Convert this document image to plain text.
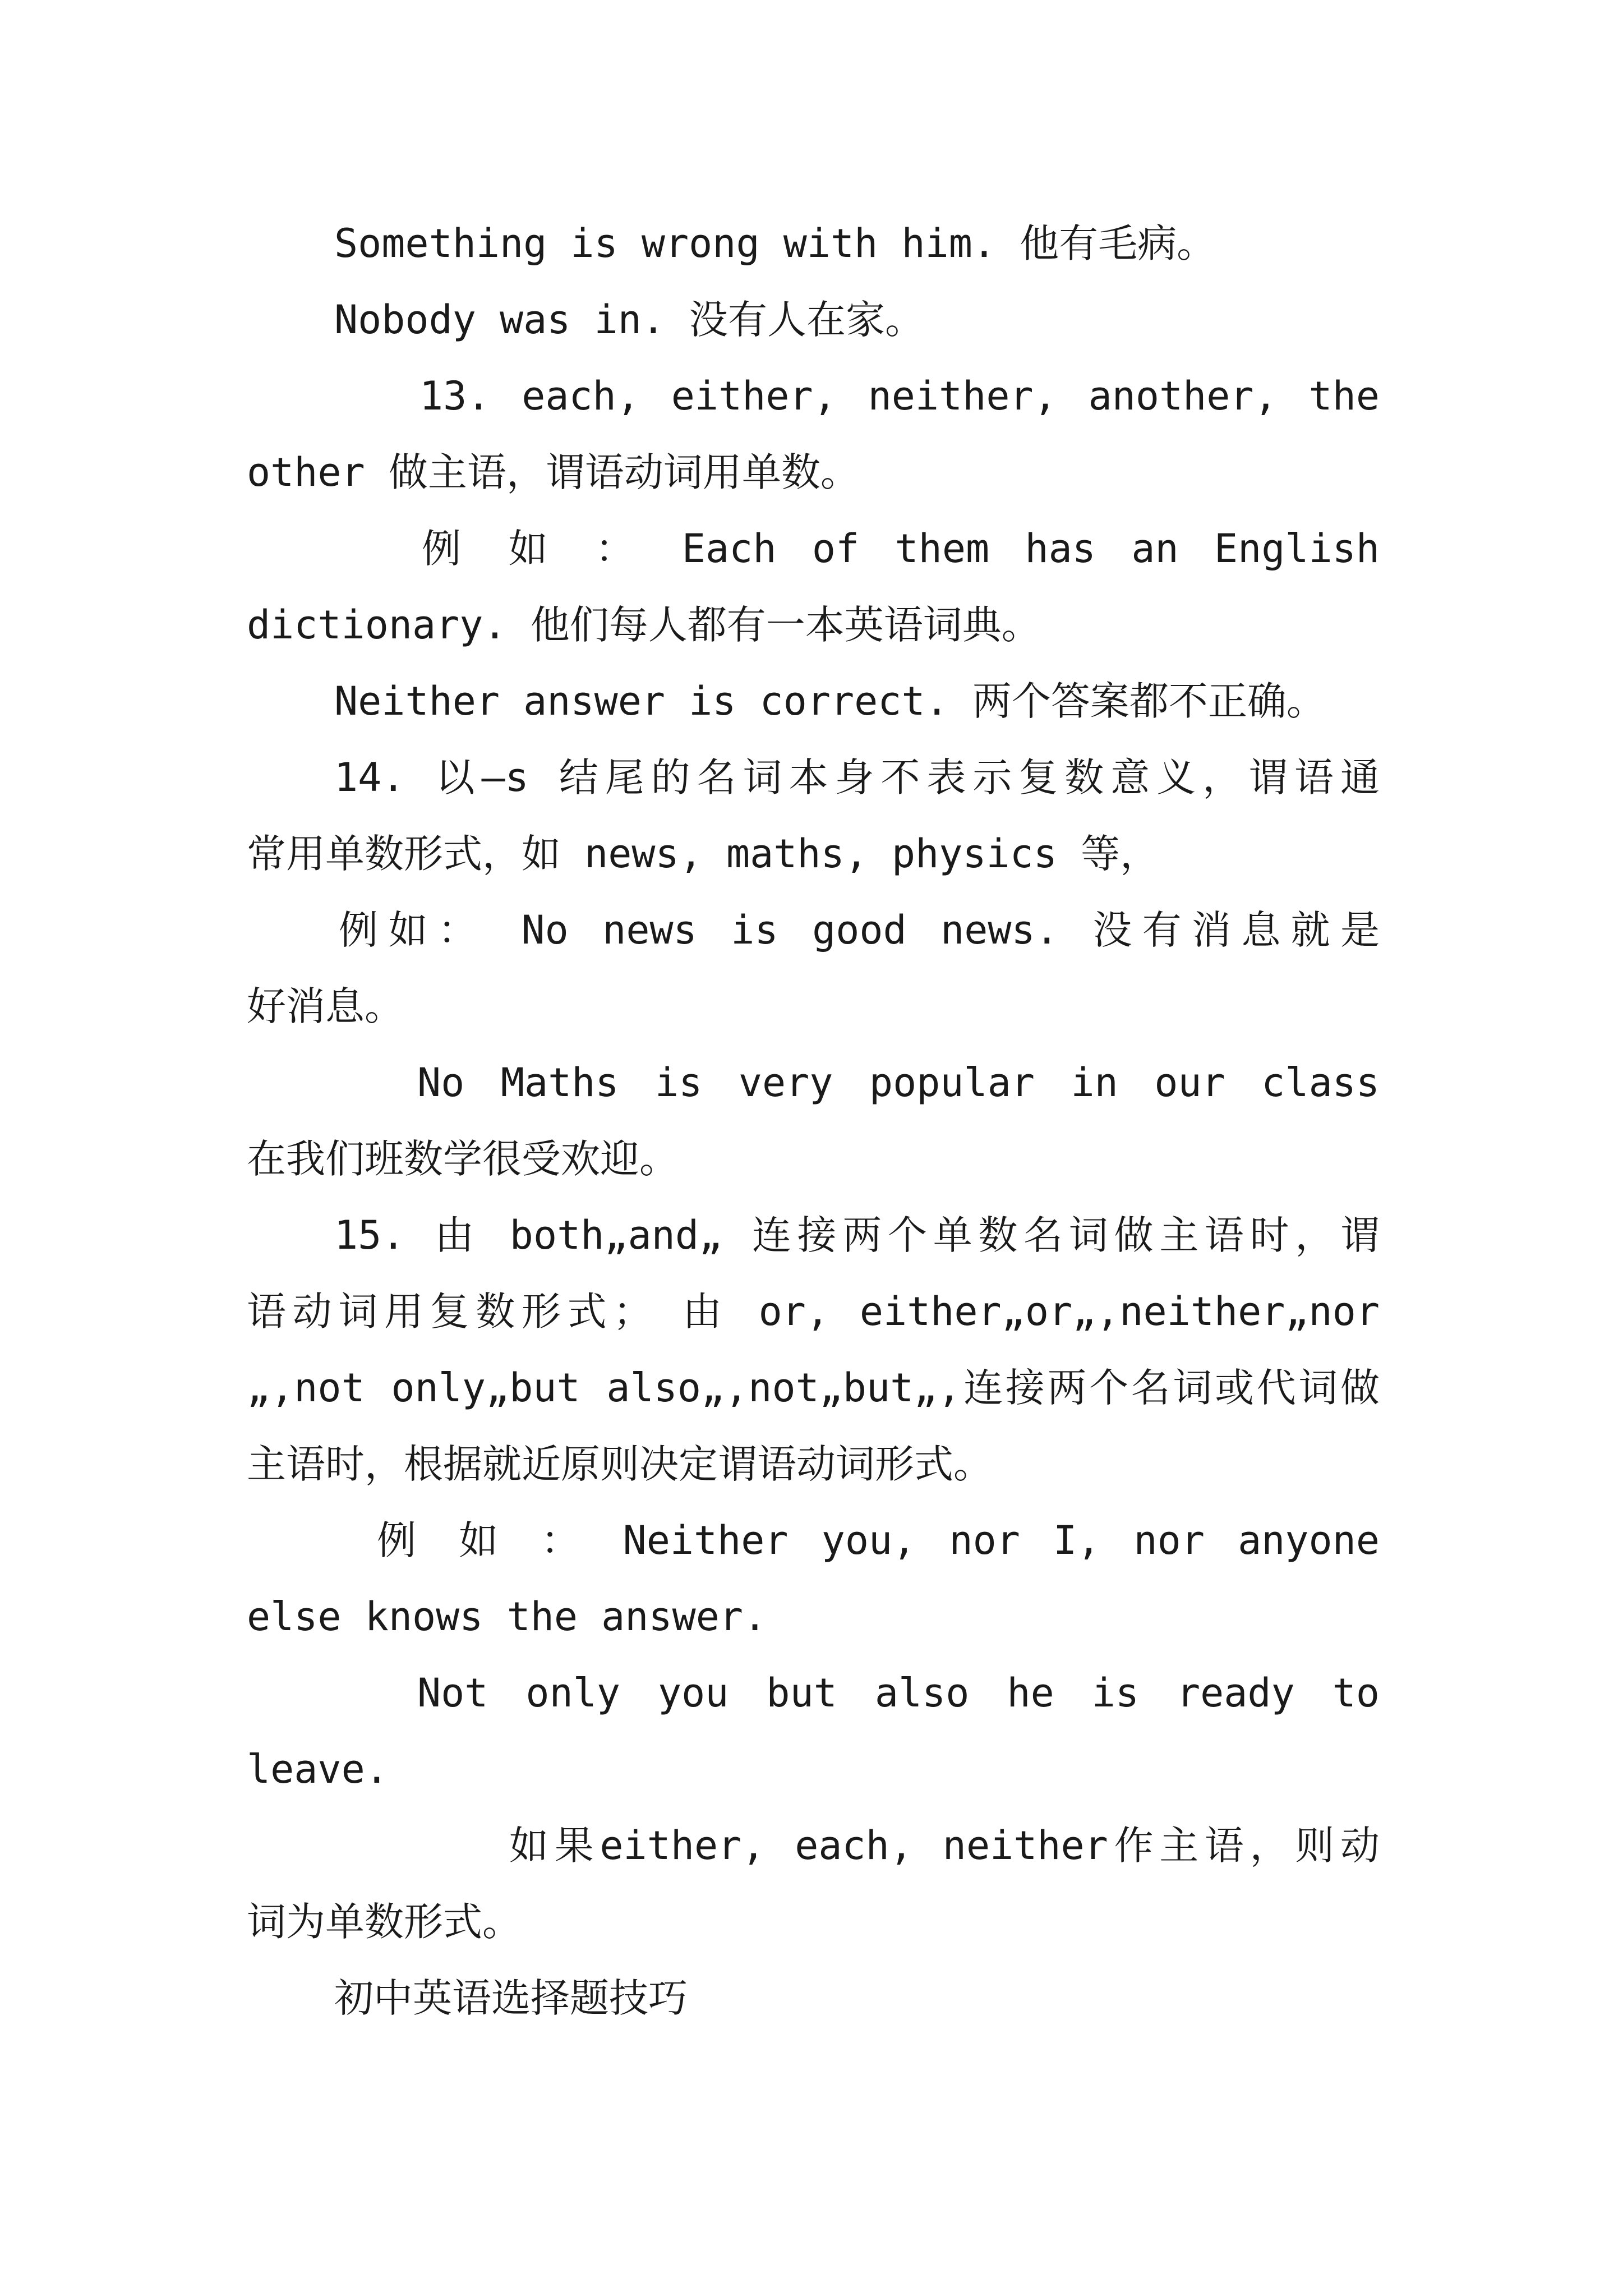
Something is wrong with him. 他有毛病。
Nobody was in. 没有人在家。
13. each, either, neither, another, the
other 做主语，谓语动词用单数。
例 如 ： Each of them has an English
dictionary. 他们每人都有一本英语词典。
Neither answer is correct. 两个答案都不正确。
14. 以—s 结尾的名词本身不表示复数意义，谓语通
常用单数形式，如 news, maths, physics 等，
例如： No news is good news. 没有消息就是
好消息。
No Maths is very popular in our class
在我们班数学很受欢迎。
15. 由 both„and„ 连接两个单数名词做主语时，谓
语动词用复数形式； 由 or, either„or„,neither„nor
„,not only„but also„,not„but„,连接两个名词或代词做
主语时，根据就近原则决定谓语动词形式。
例 如 ： Neither you, nor I, nor anyone
else knows the answer.
Not only you but also he is ready to
leave.
如果either, each, neither作主语，则动
词为单数形式。
初中英语选择题技巧
